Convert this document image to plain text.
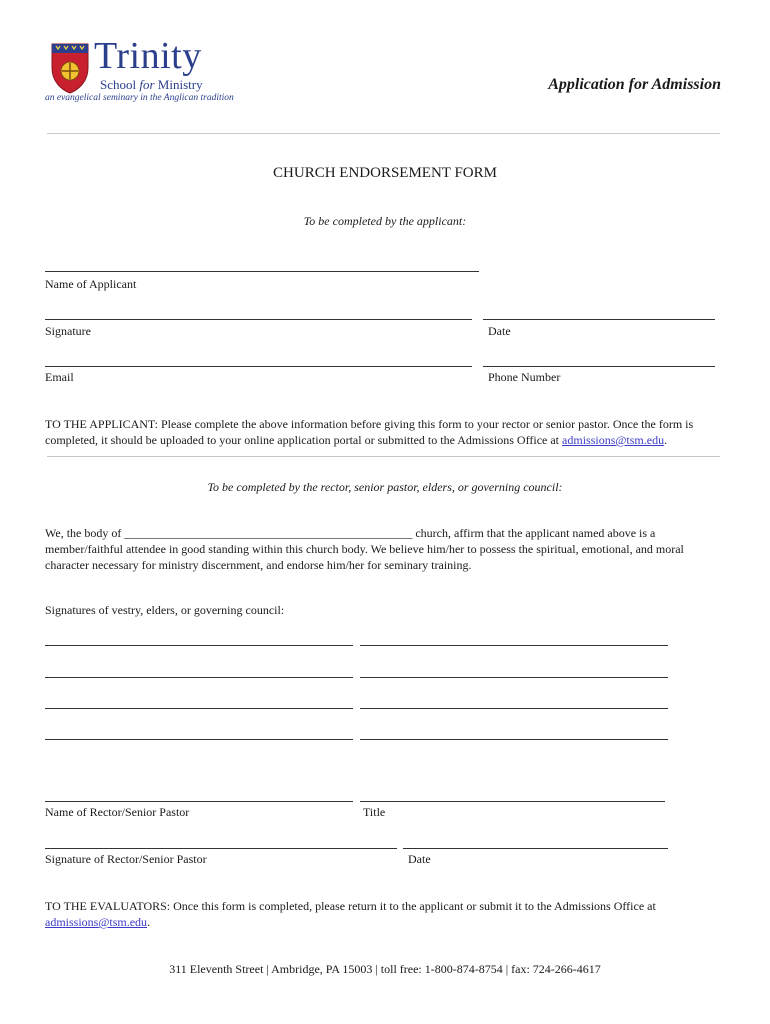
Trinity
School for Ministry
an evangelical seminary in the Anglican tradition
Application for Admission
CHURCH ENDORSEMENT FORM
To be completed by the applicant:
Name of Applicant
Signature	Date
Email	Phone Number
TO THE APPLICANT: Please complete the above information before giving this form to your rector or senior pastor. Once the form is completed, it should be uploaded to your online application portal or submitted to the Admissions Office at admissions@tsm.edu.
To be completed by the rector, senior pastor, elders, or governing council:
We, the body of ________________________________________________ church, affirm that the applicant named above is a member/faithful attendee in good standing within this church body. We believe him/her to possess the spiritual, emotional, and moral character necessary for ministry discernment, and endorse him/her for seminary training.
Signatures of vestry, elders, or governing council:
Name of Rector/Senior Pastor	Title
Signature of Rector/Senior Pastor	Date
TO THE EVALUATORS: Once this form is completed, please return it to the applicant or submit it to the Admissions Office at admissions@tsm.edu.
311 Eleventh Street | Ambridge, PA 15003 | toll free: 1-800-874-8754 | fax: 724-266-4617
